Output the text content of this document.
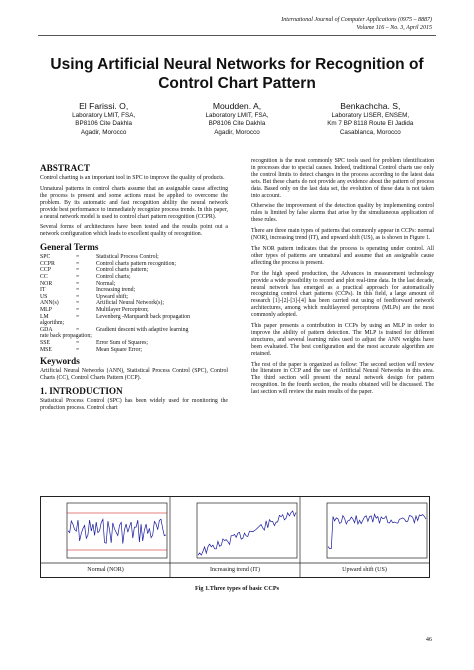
International Journal of Computer Applications (0975 – 8887)
Volume 116 – No. 3, April 2015
Using Artificial Neural Networks for Recognition of
Control Chart Pattern
El Farissi. O,
Laboratory LMIT, FSA,
BP8106 Cite Dakhla
Agadir, Morocco
Moudden. A,
Laboratory LMIT, FSA,
BP8106 Cite Dakhla
Agadir, Morocco
Benkachcha. S,
Laboratory LISER, ENSEM,
Km 7 BP 8118 Route El Jadida
Casablanca, Morocco
ABSTRACT

Control charting is an important tool in SPC to improve the quality of products.

Unnatural patterns in control charts assume that an assignable cause affecting the process is present and some actions must be applied to overcome the problem. By its automatic and fast recognition ability the neural network provide best performance to immediately recognize process trends. In this paper, a neural network model is used to control chart pattern recognition (CCPR).

Several forms of architectures have been tested and the results point out a network configuration which leads to excellent quality of recognition.

General Terms
SPC	=	Statistical Process Control;
CCPR	=	Control charts pattern recognition;
CCP	=	Control charts pattern;
CC	=	Control charts;
NOR	=	Normal;
IT	=	Increasing trend;
US	=	Upward shift;
ANN(s)	=	Artificial Neural Network(s);
MLP	=	Multilayer Perceptron;
LM	=	Levenberg -Marquardt back propagation
algorithm;		
GDA	=	Gradient descent with adaptive learning
rate back propagation;		
SSE	=	Error Sum of Squares;
MSE	=	Mean Square Error;
Keywords

Artificial Neural Networks (ANN), Statistical Process Control (SPC), Control Charts (CC), Control Charts Pattern (CCP).

1. INTRODUCTION

Statistical Process Control (SPC) has been widely used for monitoring the production process. Control chart

recognition is the most commonly SPC tools used for problem identification in processes due to special causes. Indeed, traditional Control charts use only the control limits to detect changes in the process according to the latest data sets. But these charts do not provide any evidence about the pattern of process data. Based only on the last data set, the evolution of these data is not taken into account.

Otherwise the improvement of the detection quality by implementing control rules is limited by false alarms that arise by the simultaneous application of these rules.

There are three main types of patterns that commonly appear in CCPs: normal (NOR), increasing trend (IT), and upward shift (US), as is shown in Figure 1.

The NOR pattern indicates that the process is operating under control. All other types of patterns are unnatural and assume that an assignable cause affecting the process is present.

For the high speed production, the Advances in measurement technology provide a wide possibility to record and plot real-time data. In the last decade, neural network has emerged as a practical approach for automatically recognizing control chart patterns (CCPs). In this field, a large amount of research [1]-[2]-[3]-[4] has been carried out using of feedforward network architectures, among which multilayered perceptrons (MLPs) are the most commonly adopted.

This paper presents a contribution in CCPs by using an MLP in order to improve the ability of pattern detection. The MLP is trained for different structures, and several learning rules used to adjust the ANN weights have been evaluated. The best configuration and the most accurate algorithm are retained.

The rest of the paper is organized as follow: The second section will review the literature in CCP and the use of Artificial Neural Networks in this area. The third section will present the neural network design for pattern recognition. In the fourth section, the results obtained will be discussed. The last section will review the main results of the paper.

Normal (NOR)	Increasing trend (IT)	Upward shift (US)
Fig 1.Three types of basic CCPs
46
